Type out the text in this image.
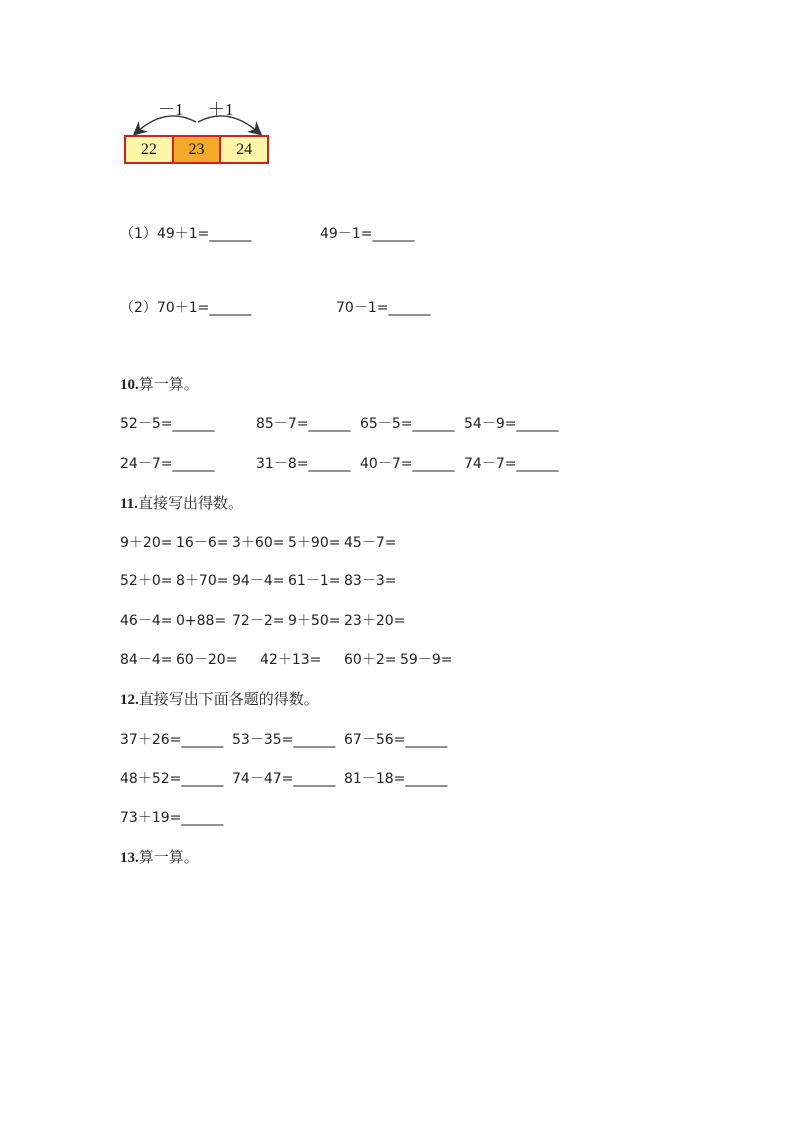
－1 ＋1
22	23	24
（1）49＋1=______	49－1=______
（2）70＋1=______	70－1=______
10.算一算。
52－5=______	85－7=______ 65－5=______ 54－9=______
24－7=______	31－8=______ 40－7=______ 74－7=______
11.直接写出得数。
9＋20= 16－6= 3＋60= 5＋90= 45－7=
52＋0= 8＋70= 94－4= 61－1= 83－3=
46－4= 0+88= 72－2= 9＋50= 23＋20=
84－4= 60－20= 42＋13= 60＋2= 59－9=
12.直接写出下面各题的得数。
37＋26=______ 53－35=______ 67－56=______
48＋52=______ 74－47=______ 81－18=______
73＋19=______
13.算一算。
